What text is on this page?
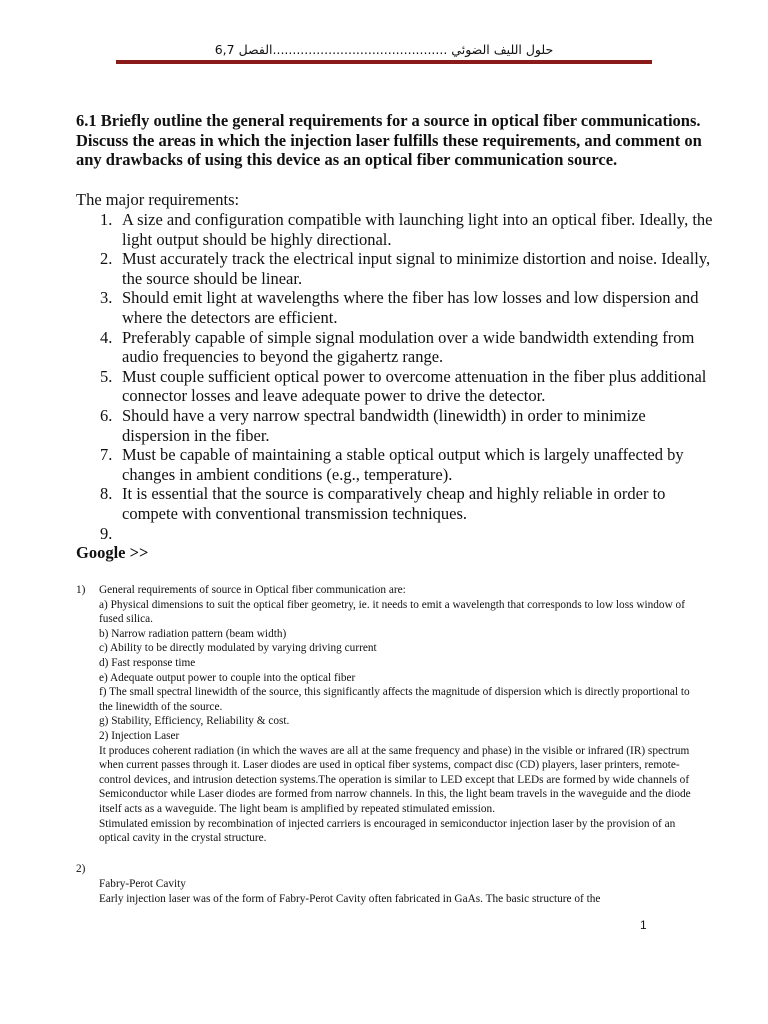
حلول الليف الضوئي ............................................الفصل 6,7
6.1 Briefly outline the general requirements for a source in optical fiber communications. Discuss the areas in which the injection laser fulfills these requirements, and comment on any drawbacks of using this device as an optical fiber communication source.
The major requirements:
1. A size and configuration compatible with launching light into an optical fiber. Ideally, the light output should be highly directional.
2. Must accurately track the electrical input signal to minimize distortion and noise. Ideally, the source should be linear.
3. Should emit light at wavelengths where the fiber has low losses and low dispersion and where the detectors are efficient.
4. Preferably capable of simple signal modulation over a wide bandwidth extending from audio frequencies to beyond the gigahertz range.
5. Must couple sufficient optical power to overcome attenuation in the fiber plus additional connector losses and leave adequate power to drive the detector.
6. Should have a very narrow spectral bandwidth (linewidth) in order to minimize dispersion in the fiber.
7. Must be capable of maintaining a stable optical output which is largely unaffected by changes in ambient conditions (e.g., temperature).
8. It is essential that the source is comparatively cheap and highly reliable in order to compete with conventional transmission techniques.
9.
Google >>
1) General requirements of source in Optical fiber communication are:
a) Physical dimensions to suit the optical fiber geometry, ie. it needs to emit a wavelength that corresponds to low loss window of fused silica.
b) Narrow radiation pattern (beam width)
c) Ability to be directly modulated by varying driving current
d) Fast response time
e) Adequate output power to couple into the optical fiber
f) The small spectral linewidth of the source, this significantly affects the magnitude of dispersion which is directly proportional to the linewidth of the source.
g) Stability, Efficiency, Reliability & cost.
2) Injection Laser
It produces coherent radiation (in which the waves are all at the same frequency and phase) in the visible or infrared (IR) spectrum when current passes through it. Laser diodes are used in optical fiber systems, compact disc (CD) players, laser printers, remote-control devices, and intrusion detection systems.The operation is similar to LED except that LEDs are formed by wide channels of Semiconductor while Laser diodes are formed from narrow channels. In this, the light beam travels in the waveguide and the diode itself acts as a waveguide. The light beam is amplified by repeated stimulated emission.
Stimulated emission by recombination of injected carriers is encouraged in semiconductor injection laser by the provision of an optical cavity in the crystal structure.
2)
Fabry-Perot Cavity
Early injection laser was of the form of Fabry-Perot Cavity often fabricated in GaAs. The basic structure of the
1
